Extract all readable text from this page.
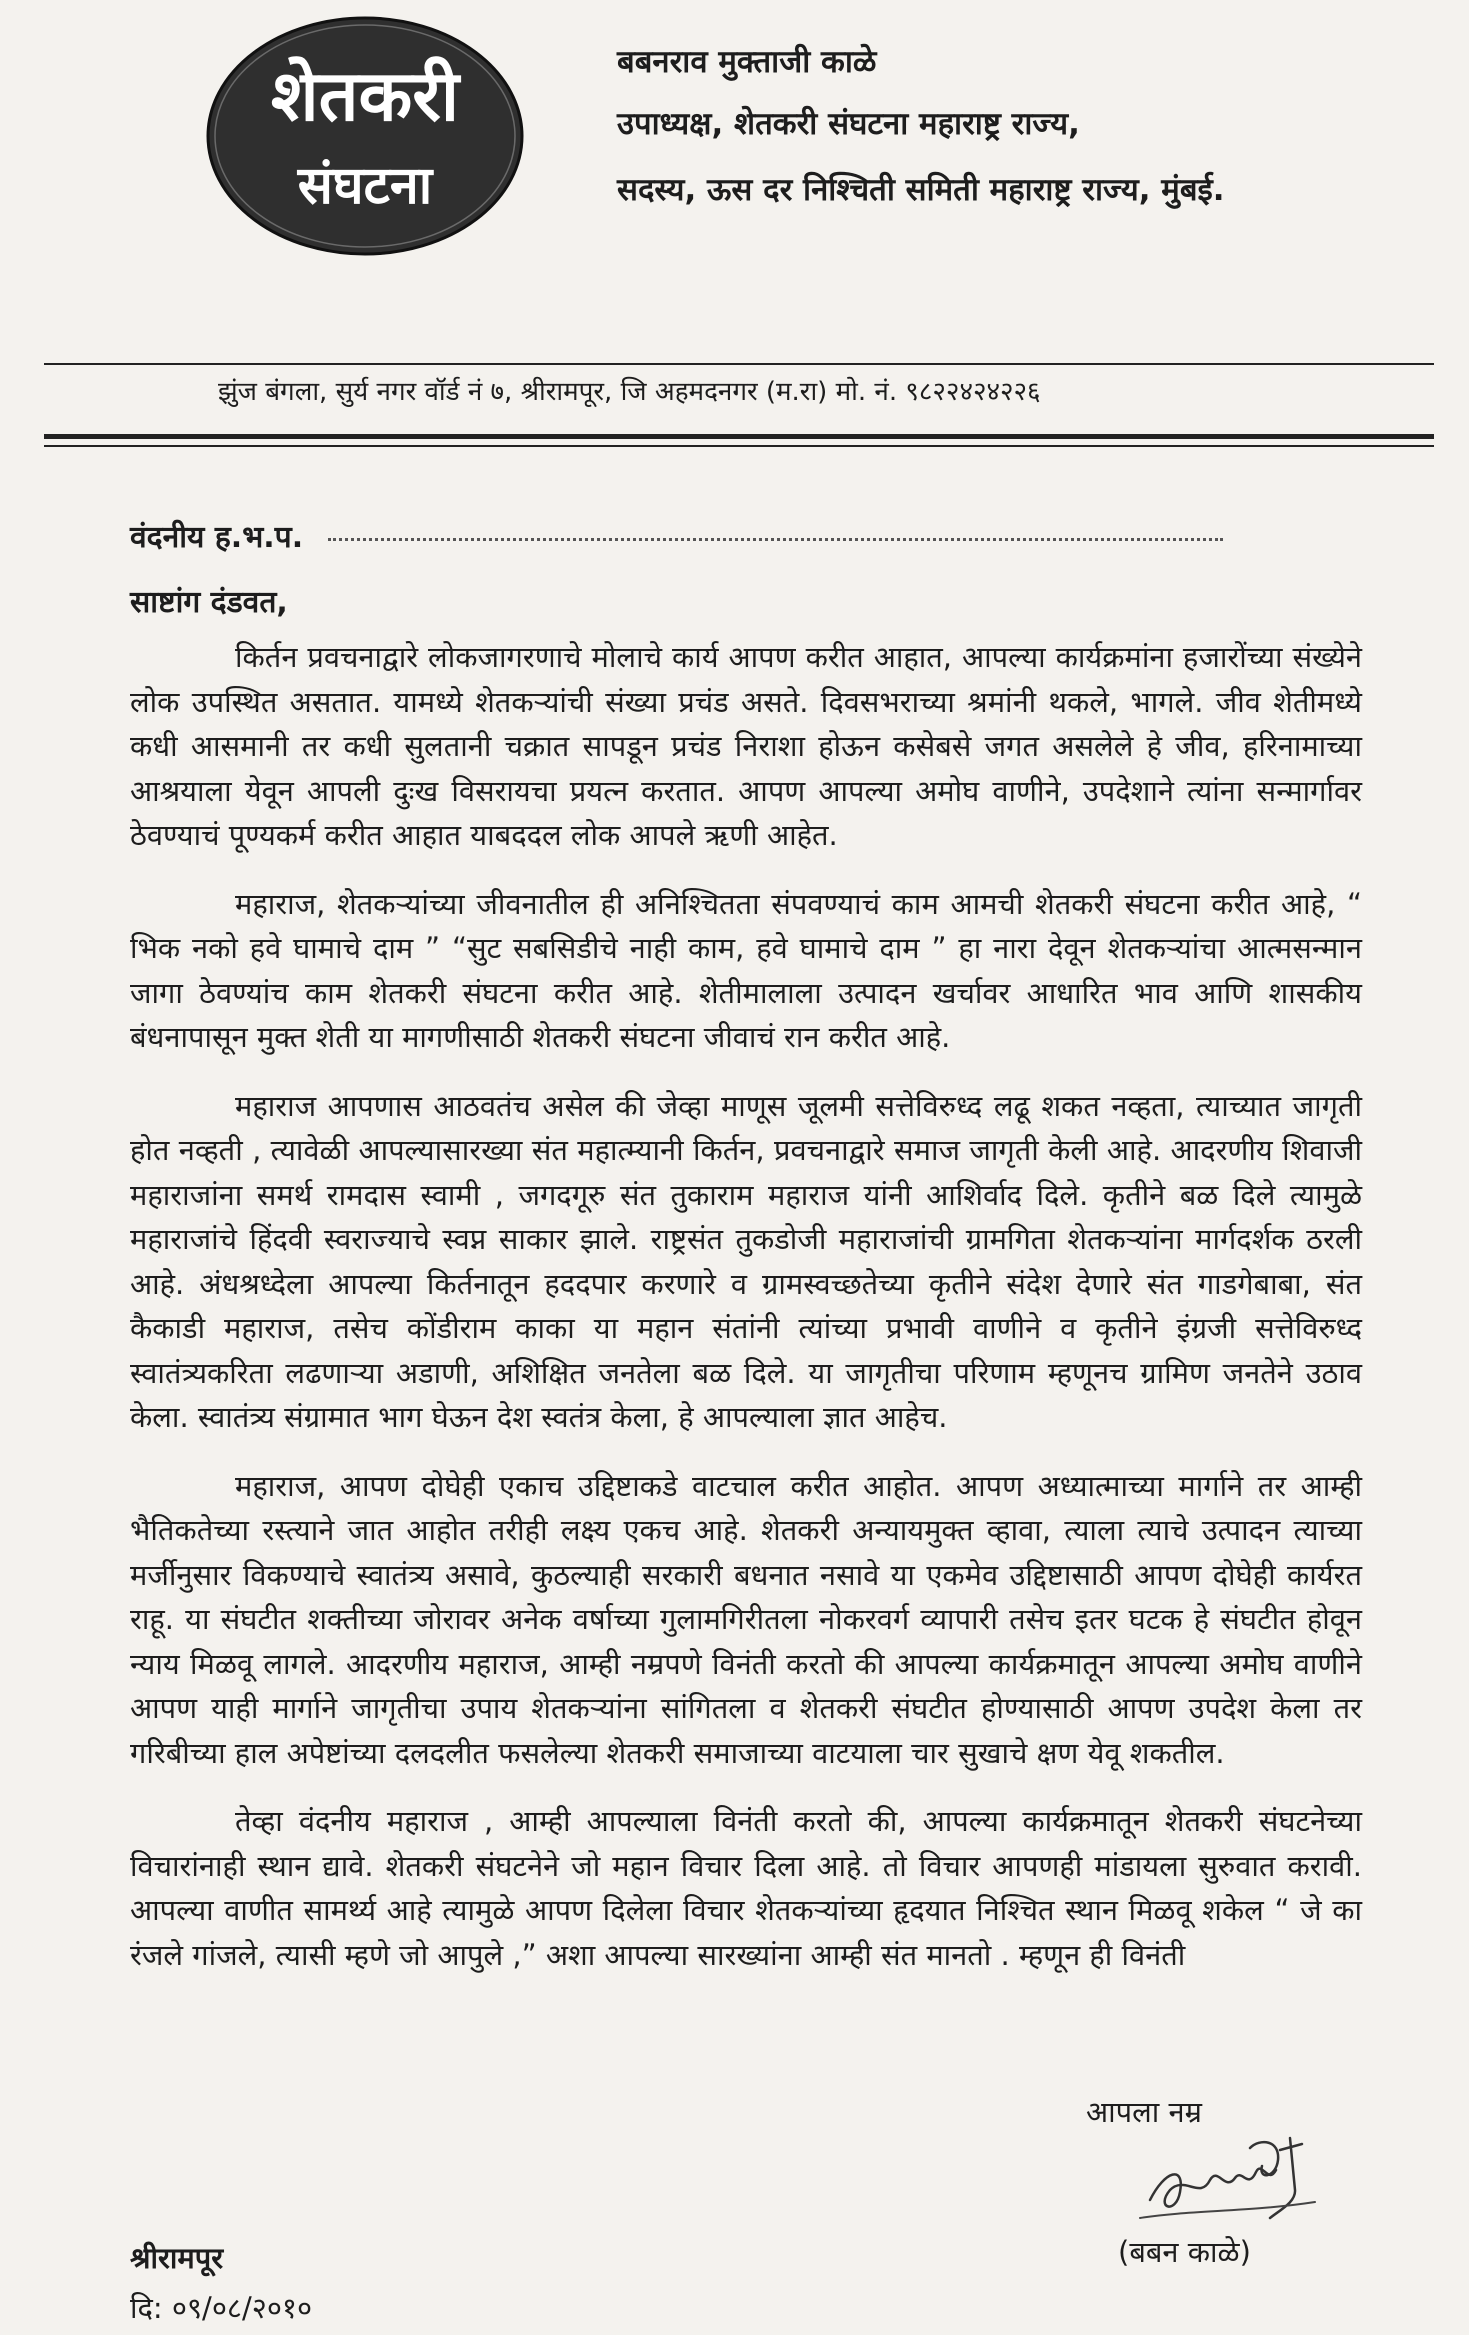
शेतकरी
संघटना
बबनराव मुक्ताजी काळे
उपाध्यक्ष, शेतकरी संघटना महाराष्ट्र राज्य,
सदस्य, ऊस दर निश्चिती समिती महाराष्ट्र राज्य, मुंबई.
झुंज बंगला, सुर्य नगर वॉर्ड नं ७, श्रीरामपूर, जि अहमदनगर (म.रा) मो. नं. ९८२२४२४२२६
वंदनीय ह.भ.प.
साष्टांग दंडवत,

किर्तन प्रवचनाद्वारे लोकजागरणाचे मोलाचे कार्य आपण करीत आहात, आपल्या कार्यक्रमांना हजारोंच्या संख्येने लोक उपस्थित असतात. यामध्ये शेतकऱ्यांची संख्या प्रचंड असते. दिवसभराच्या श्रमांनी थकले, भागले. जीव शेतीमध्ये कधी आसमानी तर कधी सुलतानी चक्रात सापडून प्रचंड निराशा होऊन कसेबसे जगत असलेले हे जीव, हरिनामाच्या आश्रयाला येवून आपली दुःख विसरायचा प्रयत्न करतात. आपण आपल्या अमोघ वाणीने, उपदेशाने त्यांना सन्मार्गावर ठेवण्याचं पूण्यकर्म करीत आहात याबददल लोक आपले ऋणी आहेत.

महाराज, शेतकऱ्यांच्या जीवनातील ही अनिश्चितता संपवण्याचं काम आमची शेतकरी संघटना करीत आहे, “ भिक नको हवे घामाचे दाम ” “सुट सबसिडीचे नाही काम, हवे घामाचे दाम ” हा नारा देवून शेतकऱ्यांचा आत्मसन्मान जागा ठेवण्यांच काम शेतकरी संघटना करीत आहे. शेतीमालाला उत्पादन खर्चावर आधारित भाव आणि शासकीय बंधनापासून मुक्त शेती या मागणीसाठी शेतकरी संघटना जीवाचं रान करीत आहे.

महाराज आपणास आठवतंच असेल की जेव्हा माणूस जूलमी सत्तेविरुध्द लढू शकत नव्हता, त्याच्यात जागृती होत नव्हती , त्यावेळी आपल्यासारख्या संत महात्म्यानी किर्तन, प्रवचनाद्वारे समाज जागृती केली आहे. आदरणीय शिवाजी महाराजांना समर्थ रामदास स्वामी , जगदगूरु संत तुकाराम महाराज यांनी आशिर्वाद दिले. कृतीने बळ दिले त्यामुळे महाराजांचे हिंदवी स्वराज्याचे स्वप्न साकार झाले. राष्ट्रसंत तुकडोजी महाराजांची ग्रामगिता शेतकऱ्यांना मार्गदर्शक ठरली आहे. अंधश्रध्देला आपल्या किर्तनातून हददपार करणारे व ग्रामस्वच्छतेच्या कृतीने संदेश देणारे संत गाडगेबाबा, संत कैकाडी महाराज, तसेच कोंडीराम काका या महान संतांनी त्यांच्या प्रभावी वाणीने व कृतीने इंग्रजी सत्तेविरुध्द स्वातंत्र्यकरिता लढणाऱ्या अडाणी, अशिक्षित जनतेला बळ दिले. या जागृतीचा परिणाम म्हणूनच ग्रामिण जनतेने उठाव केला. स्वातंत्र्य संग्रामात भाग घेऊन देश स्वतंत्र केला, हे आपल्याला ज्ञात आहेच.

महाराज, आपण दोघेही एकाच उद्दिष्टाकडे वाटचाल करीत आहोत. आपण अध्यात्माच्या मार्गाने तर आम्ही भैतिकतेच्या रस्त्याने जात आहोत तरीही लक्ष्य एकच आहे. शेतकरी अन्यायमुक्त व्हावा, त्याला त्याचे उत्पादन त्याच्या मर्जीनुसार विकण्याचे स्वातंत्र्य असावे, कुठल्याही सरकारी बधनात नसावे या एकमेव उद्दिष्टासाठी आपण दोघेही कार्यरत राहू. या संघटीत शक्तीच्या जोरावर अनेक वर्षाच्या गुलामगिरीतला नोकरवर्ग व्यापारी तसेच इतर घटक हे संघटीत होवून न्याय मिळवू लागले. आदरणीय महाराज, आम्ही नम्रपणे विनंती करतो की आपल्या कार्यक्रमातून आपल्या अमोघ वाणीने आपण याही मार्गाने जागृतीचा उपाय शेतकऱ्यांना सांगितला व शेतकरी संघटीत होण्यासाठी आपण उपदेश केला तर गरिबीच्या हाल अपेष्टांच्या दलदलीत फसलेल्या शेतकरी समाजाच्या वाटयाला चार सुखाचे क्षण येवू शकतील.

तेव्हा वंदनीय महाराज , आम्ही आपल्याला विनंती करतो की, आपल्या कार्यक्रमातून शेतकरी संघटनेच्या विचारांनाही स्थान द्यावे. शेतकरी संघटनेने जो महान विचार दिला आहे. तो विचार आपणही मांडायला सुरुवात करावी. आपल्या वाणीत सामर्थ्य आहे त्यामुळे आपण दिलेला विचार शेतकऱ्यांच्या हृदयात निश्चित स्थान मिळवू शकेल “ जे का रंजले गांजले, त्यासी म्हणे जो आपुले ,” अशा आपल्या सारख्यांना आम्ही संत मानतो . म्हणून ही विनंती

आपला नम्र
(बबन काळे)
श्रीरामपूर
दि: ०९/०८/२०१०
